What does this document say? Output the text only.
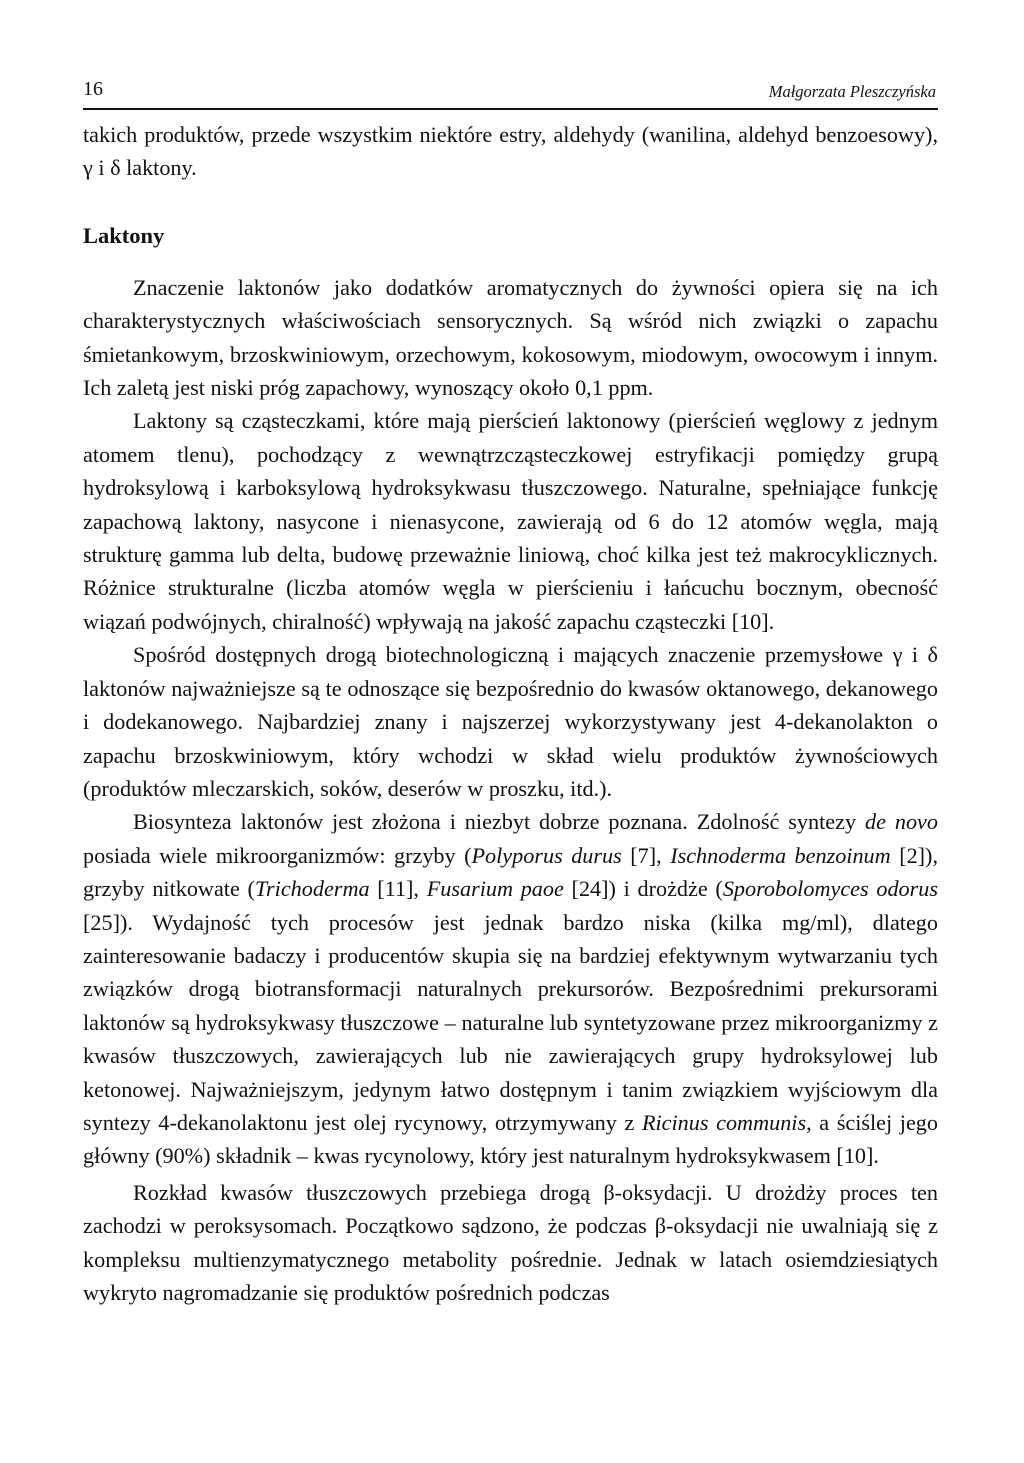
16	Małgorzata Pleszczyńska

takich produktów, przede wszystkim niektóre estry, aldehydy (wanilina, aldehyd benzoesowy), γ i δ laktony.

Laktony

Znaczenie laktonów jako dodatków aromatycznych do żywności opiera się na ich charakterystycznych właściwościach sensorycznych. Są wśród nich związki o zapachu śmietankowym, brzoskwiniowym, orzechowym, kokosowym, miodowym, owocowym i innym. Ich zaletą jest niski próg zapachowy, wynoszący około 0,1 ppm.

Laktony są cząsteczkami, które mają pierścień laktonowy (pierścień węglowy z jednym atomem tlenu), pochodzący z wewnątrzcząsteczkowej estryfikacji pomiędzy grupą hydroksylową i karboksylową hydroksykwasu tłuszczowego. Naturalne, spełniające funkcję zapachową laktony, nasycone i nienasycone, zawierają od 6 do 12 atomów węgla, mają strukturę gamma lub delta, budowę przeważnie liniową, choć kilka jest też makrocyklicznych. Różnice strukturalne (liczba atomów węgla w pierścieniu i łańcuchu bocznym, obecność wiązań podwójnych, chiralność) wpływają na jakość zapachu cząsteczki [10].

Spośród dostępnych drogą biotechnologiczną i mających znaczenie przemysłowe γ i δ laktonów najważniejsze są te odnoszące się bezpośrednio do kwasów oktanowego, dekanowego i dodekanowego. Najbardziej znany i najszerzej wykorzystywany jest 4-dekanolakton o zapachu brzoskwiniowym, który wchodzi w skład wielu produktów żywnościowych (produktów mleczarskich, soków, deserów w proszku, itd.).

Biosynteza laktonów jest złożona i niezbyt dobrze poznana. Zdolność syntezy de novo posiada wiele mikroorganizmów: grzyby (Polyporus durus [7], Ischnoderma benzoinum [2]), grzyby nitkowate (Trichoderma [11], Fusarium paoe [24]) i drożdże (Sporobolomyces odorus [25]). Wydajność tych procesów jest jednak bardzo niska (kilka mg/ml), dlatego zainteresowanie badaczy i producentów skupia się na bardziej efektywnym wytwarzaniu tych związków drogą biotransformacji naturalnych prekursorów. Bezpośrednimi prekursorami laktonów są hydroksykwasy tłuszczowe – naturalne lub syntetyzowane przez mikroorganizmy z kwasów tłuszczowych, zawierających lub nie zawierających grupy hydroksylowej lub ketonowej. Najważniejszym, jedynym łatwo dostępnym i tanim związkiem wyjściowym dla syntezy 4-dekanolaktonu jest olej rycynowy, otrzymywany z Ricinus communis, a ściślej jego główny (90%) składnik – kwas rycynolowy, który jest naturalnym hydroksykwasem [10].

Rozkład kwasów tłuszczowych przebiega drogą β-oksydacji. U drożdży proces ten zachodzi w peroksysomach. Początkowo sądzono, że podczas β-oksydacji nie uwalniają się z kompleksu multienzymatycznego metabolity pośrednie. Jednak w latach osiemdziesiątych wykryto nagromadzanie się produktów pośrednich podczas
